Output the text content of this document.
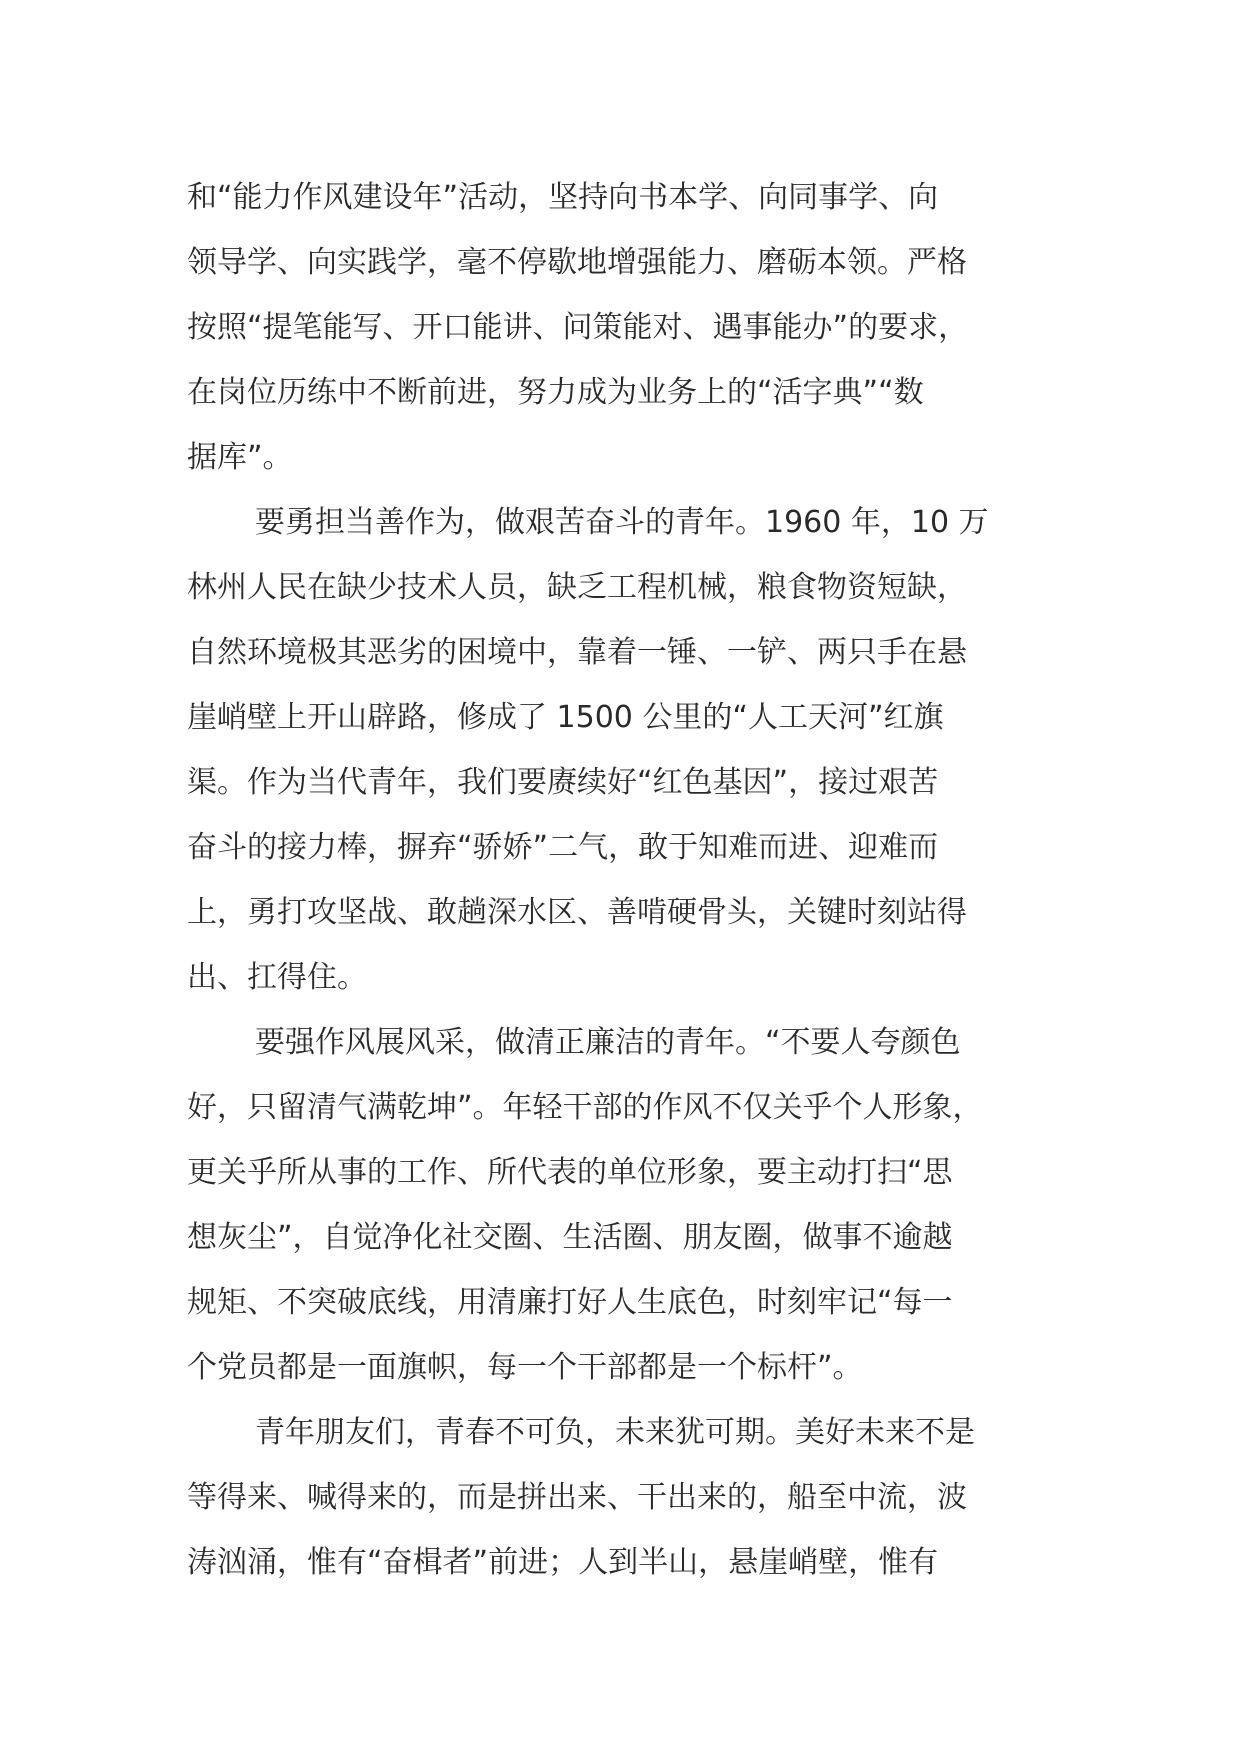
和“能力作风建设年”活动，坚持向书本学、向同事学、向
领导学、向实践学，毫不停歇地增强能力、磨砺本领。严格
按照“提笔能写、开口能讲、问策能对、遇事能办”的要求，
在岗位历练中不断前进，努力成为业务上的“活字典”“数
据库”。
要勇担当善作为，做艰苦奋斗的青年。1960 年，10 万
林州人民在缺少技术人员，缺乏工程机械，粮食物资短缺，
自然环境极其恶劣的困境中，靠着一锤、一铲、两只手在悬
崖峭壁上开山辟路，修成了 1500 公里的“人工天河”红旗
渠。作为当代青年，我们要赓续好“红色基因”，接过艰苦
奋斗的接力棒，摒弃“骄娇”二气，敢于知难而进、迎难而
上，勇打攻坚战、敢趟深水区、善啃硬骨头，关键时刻站得
出、扛得住。
要强作风展风采，做清正廉洁的青年。“不要人夸颜色
好，只留清气满乾坤”。年轻干部的作风不仅关乎个人形象，
更关乎所从事的工作、所代表的单位形象，要主动打扫“思
想灰尘”，自觉净化社交圈、生活圈、朋友圈，做事不逾越
规矩、不突破底线，用清廉打好人生底色，时刻牢记“每一
个党员都是一面旗帜，每一个干部都是一个标杆”。
青年朋友们，青春不可负，未来犹可期。美好未来不是
等得来、喊得来的，而是拼出来、干出来的，船至中流，波
涛汹涌，惟有“奋楫者”前进；人到半山，悬崖峭壁，惟有
